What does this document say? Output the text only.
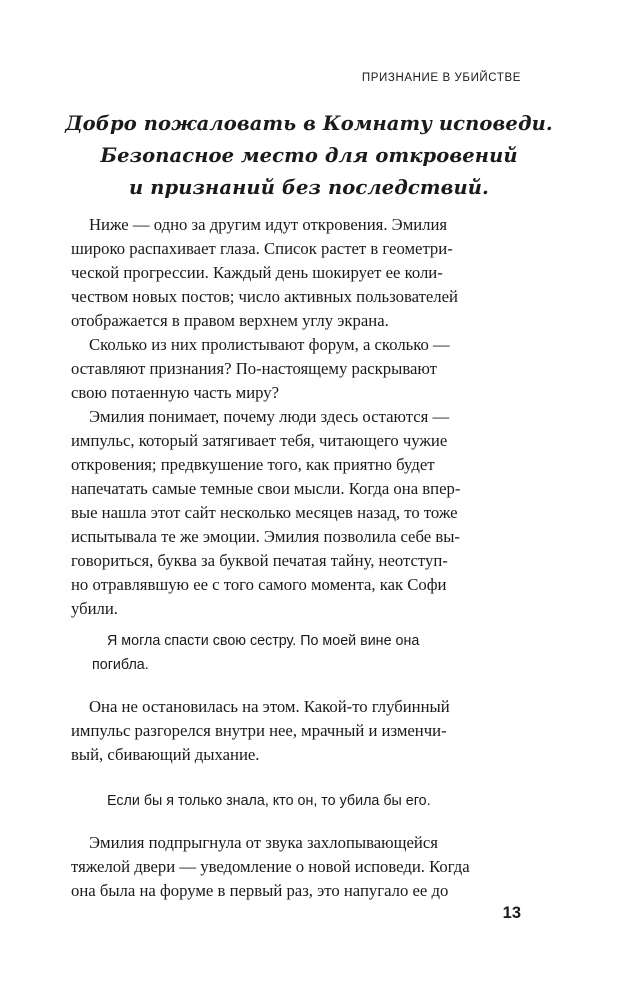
ПРИЗНАНИЕ В УБИЙСТВЕ
Добро пожаловать в Комнату исповеди.
Безопасное место для откровений
и признаний без последствий.
Ниже — одно за другим идут откровения. Эмилия
широко распахивает глаза. Список растет в геометри-
ческой прогрессии. Каждый день шокирует ее коли-
чеством новых постов; число активных пользователей
отображается в правом верхнем углу экрана.
Сколько из них пролистывают форум, а сколько —
оставляют признания? По-настоящему раскрывают
свою потаенную часть миру?
Эмилия понимает, почему люди здесь остаются —
импульс, который затягивает тебя, читающего чужие
откровения; предвкушение того, как приятно будет
напечатать самые темные свои мысли. Когда она впер-
вые нашла этот сайт несколько месяцев назад, то тоже
испытывала те же эмоции. Эмилия позволила себе вы-
говориться, буква за буквой печатая тайну, неотступ-
но отравлявшую ее с того самого момента, как Софи
убили.
Я могла спасти свою сестру. По моей вине она
погибла.
Она не остановилась на этом. Какой-то глубинный
импульс разгорелся внутри нее, мрачный и изменчи-
вый, сбивающий дыхание.
Если бы я только знала, кто он, то убила бы его.
Эмилия подпрыгнула от звука захлопывающейся
тяжелой двери — уведомление о новой исповеди. Когда
она была на форуме в первый раз, это напугало ее до
13
